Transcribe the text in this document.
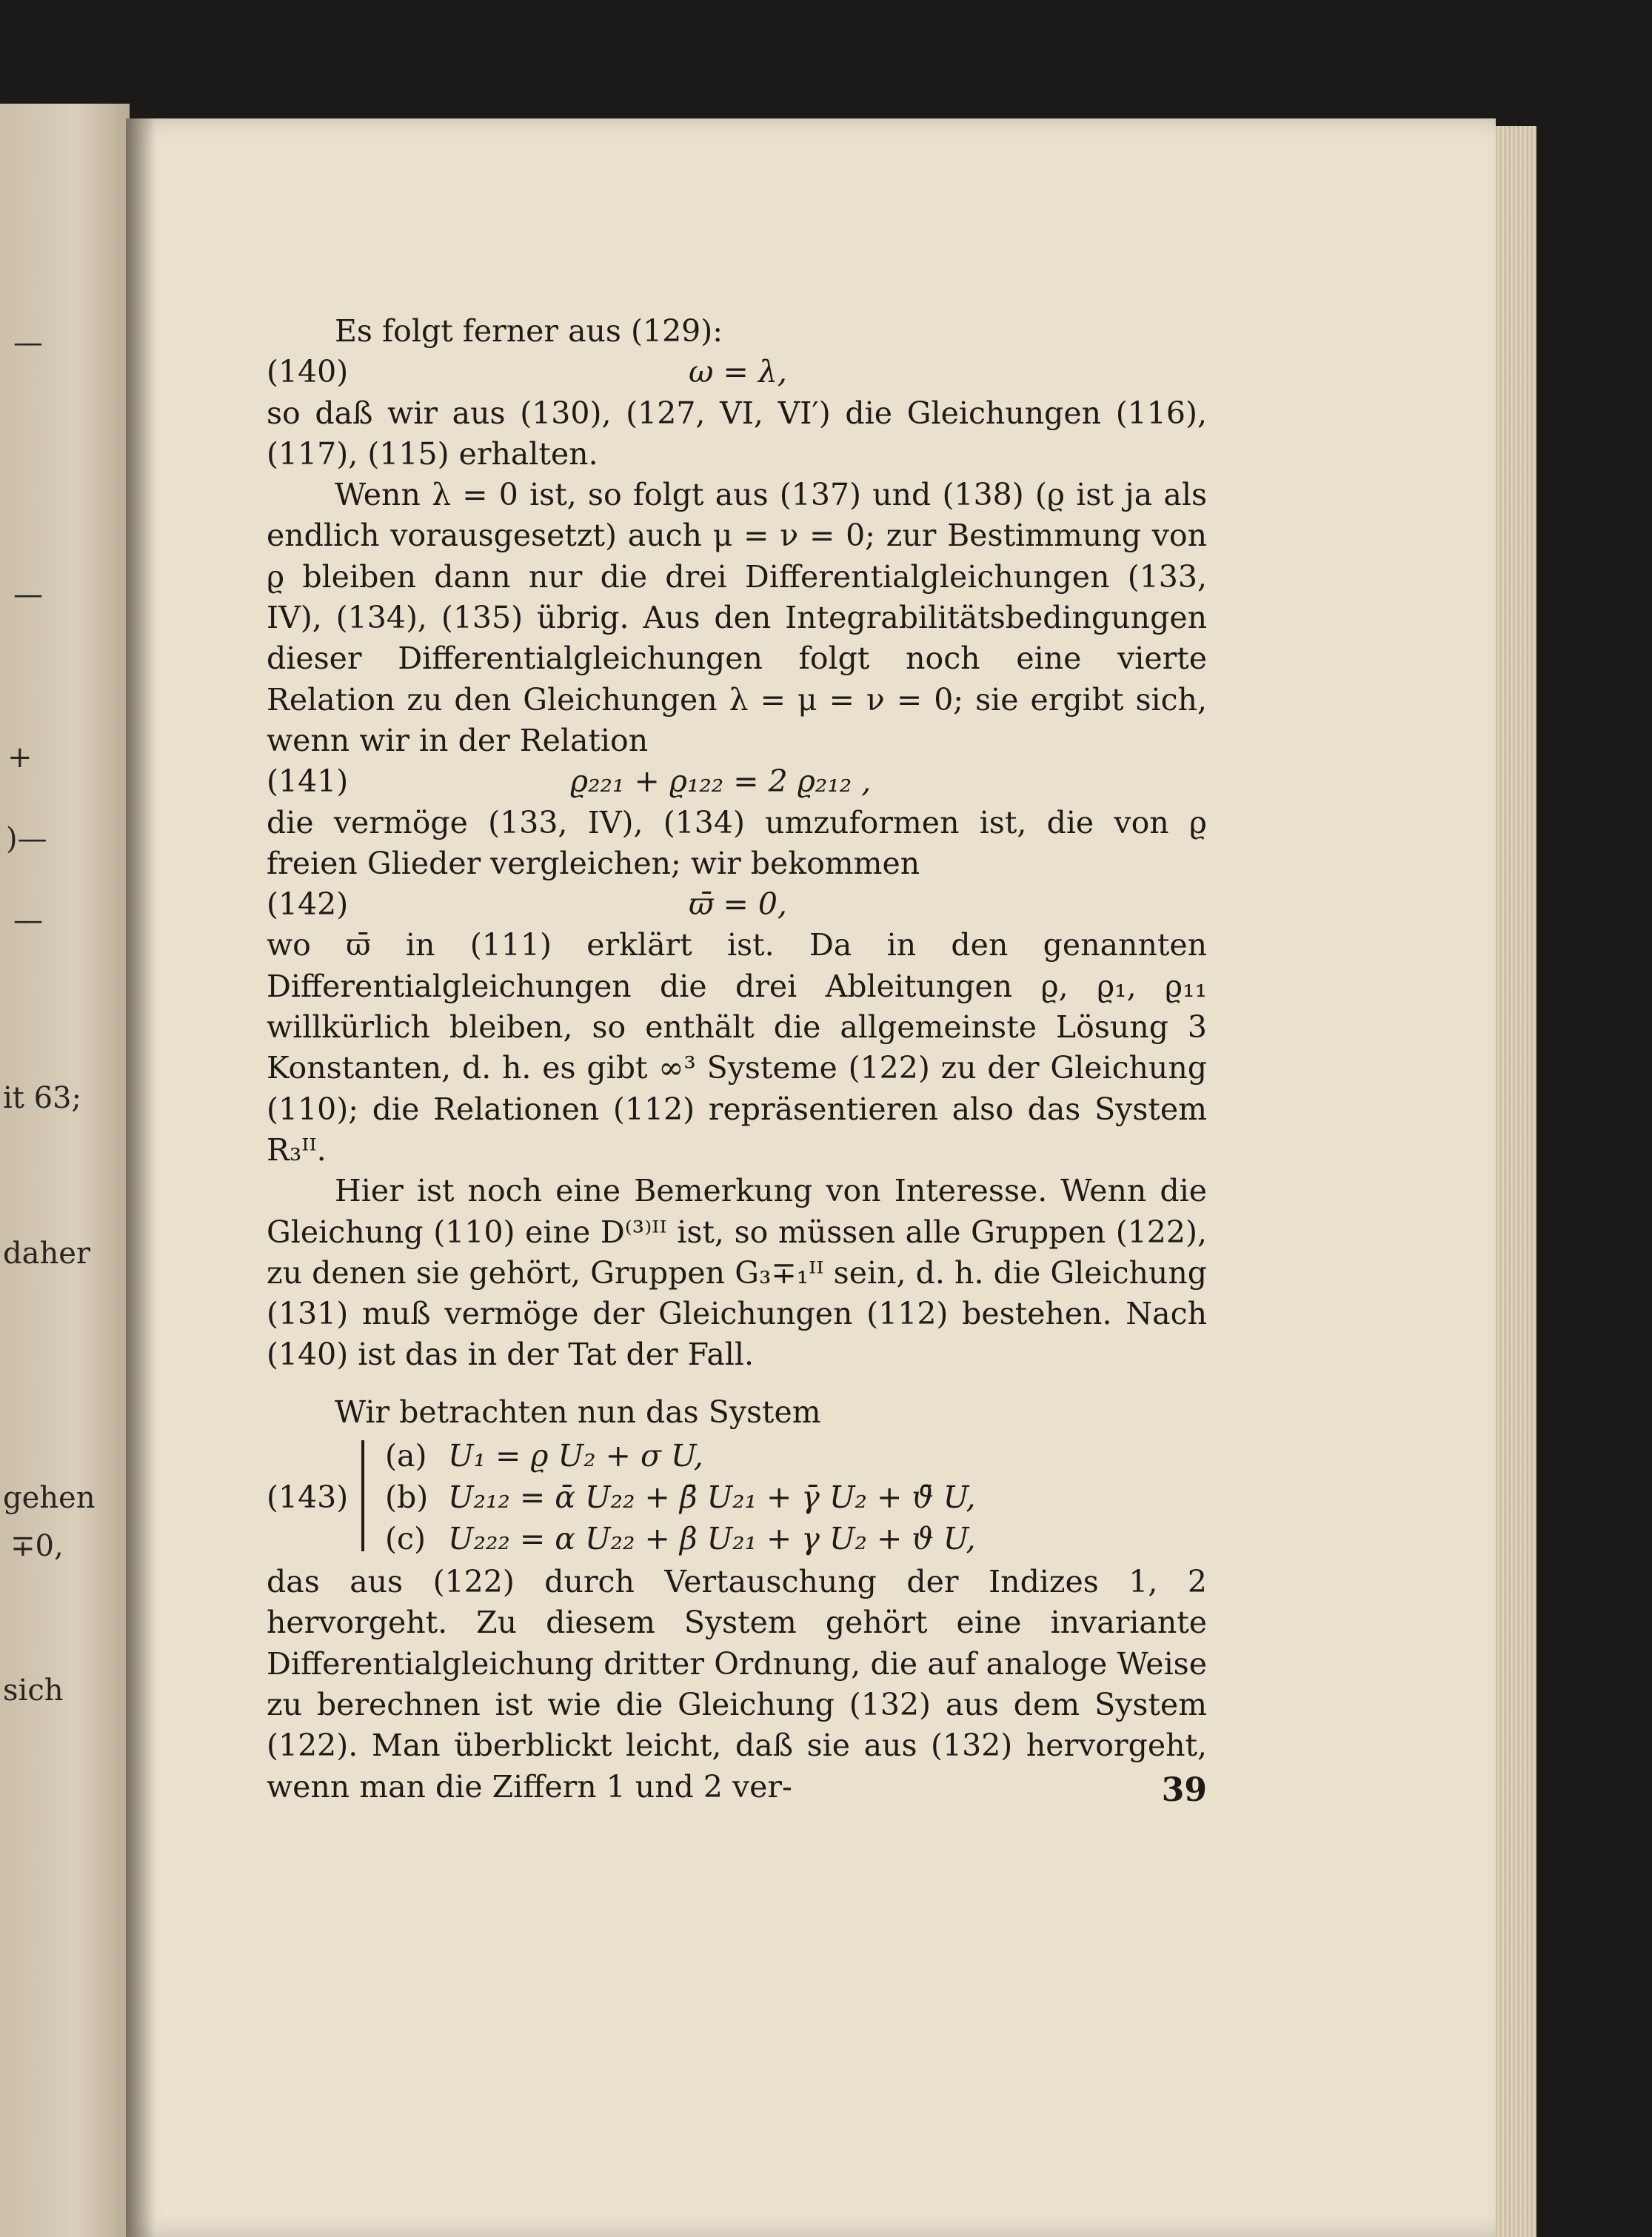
—
—
+
)—
—
it 63;
daher
gehen
∓0,
sich

Es folgt ferner aus (129):

(140)	ω = λ,

so daß wir aus (130), (127, VI, VI′) die Gleichungen (116), (117), (115) erhalten.

Wenn λ = 0 ist, so folgt aus (137) und (138) (ϱ ist ja als endlich vorausgesetzt) auch μ = ν = 0; zur Bestimmung von ϱ bleiben dann nur die drei Differentialgleichungen (133, IV), (134), (135) übrig. Aus den Integrabilitätsbedingungen dieser Differentialgleichungen folgt noch eine vierte Relation zu den Gleichungen λ = μ = ν = 0; sie ergibt sich, wenn wir in der Relation

(141)	ϱ₂₂₁ + ϱ₁₂₂ = 2 ϱ₂₁₂ ,

die vermöge (133, IV), (134) umzuformen ist, die von ϱ freien Glieder vergleichen; wir bekommen

(142)	ϖ̄ = 0,

wo ϖ̄ in (111) erklärt ist. Da in den genannten Differentialgleichungen die drei Ableitungen ϱ, ϱ₁, ϱ₁₁ willkürlich bleiben, so enthält die allgemeinste Lösung 3 Konstanten, d. h. es gibt ∞³ Systeme (122) zu der Gleichung (110); die Relationen (112) repräsentieren also das System R₃ᴵᴵ.

Hier ist noch eine Bemerkung von Interesse. Wenn die Gleichung (110) eine D⁽³⁾ᴵᴵ ist, so müssen alle Gruppen (122), zu denen sie gehört, Gruppen G₃∓₁ᴵᴵ sein, d. h. die Gleichung (131) muß vermöge der Gleichungen (112) bestehen. Nach (140) ist das in der Tat der Fall.

Wir betrachten nun das System

(143)
(a) U₁ = ϱ U₂ + σ U,
(b) U₂₁₂ = ᾱ U₂₂ + β̄ U₂₁ + γ̄ U₂ + ϑ̄ U,
(c) U₂₂₂ = α U₂₂ + β U₂₁ + γ U₂ + ϑ U,

das aus (122) durch Vertauschung der Indizes 1, 2 hervorgeht. Zu diesem System gehört eine invariante Differentialgleichung dritter Ordnung, die auf analoge Weise zu berechnen ist wie die Gleichung (132) aus dem System (122). Man überblickt leicht, daß sie aus (132) hervorgeht, wenn man die Ziffern 1 und 2 ver-	39
